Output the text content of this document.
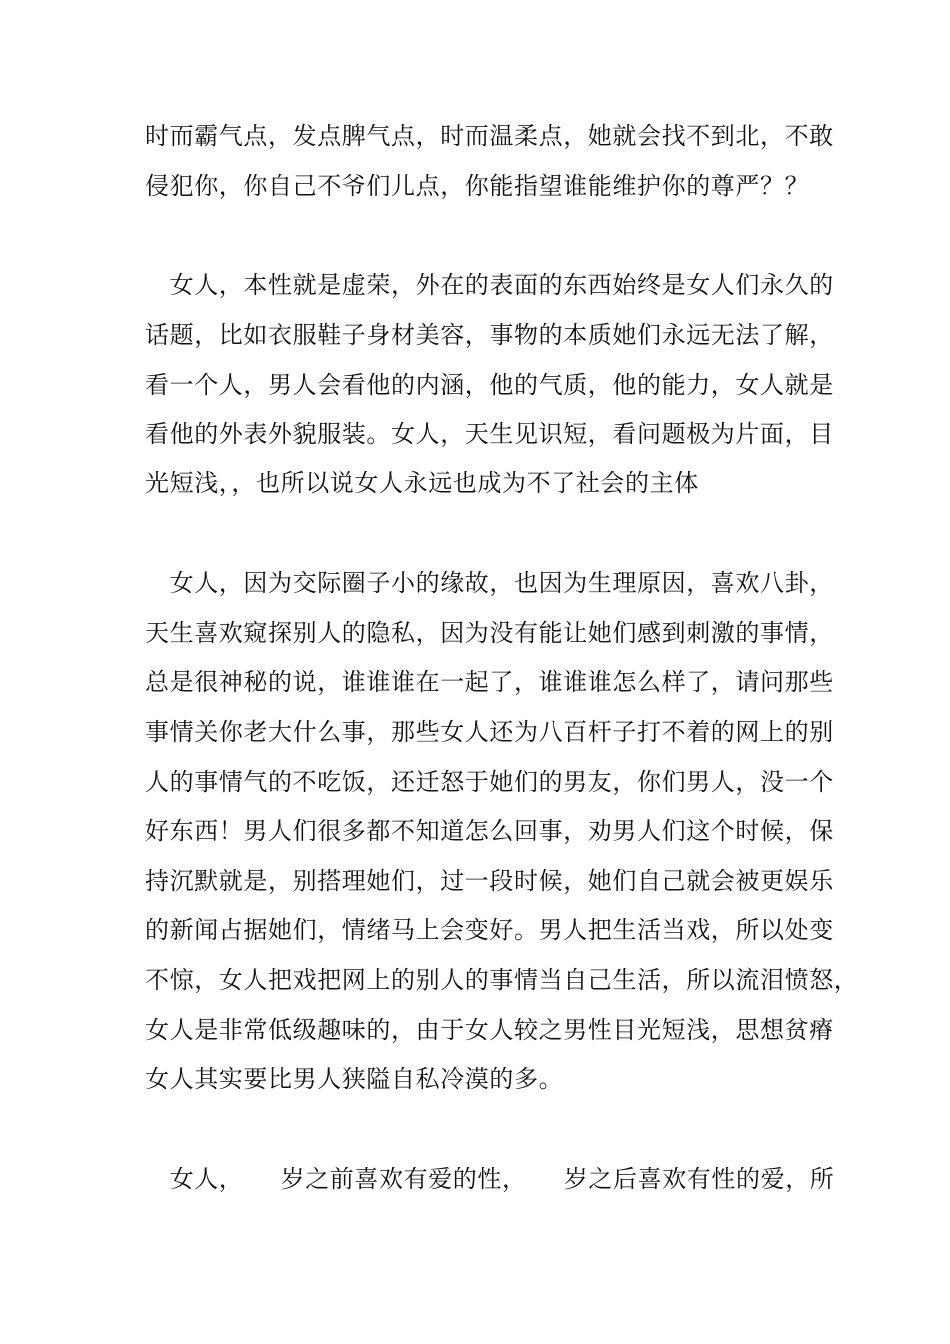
时而霸气点，发点脾气点，时而温柔点，她就会找不到北，不敢
侵犯你，你自己不爷们儿点，你能指望谁能维护你的尊严？？
　女人，本性就是虚荣，外在的表面的东西始终是女人们永久的
话题，比如衣服鞋子身材美容，事物的本质她们永远无法了解，
看一个人，男人会看他的内涵，他的气质，他的能力，女人就是
看他的外表外貌服装。女人，天生见识短，看问题极为片面，目
光短浅，，也所以说女人永远也成为不了社会的主体
　女人，因为交际圈子小的缘故，也因为生理原因，喜欢八卦，
天生喜欢窥探别人的隐私，因为没有能让她们感到刺激的事情，
总是很神秘的说，谁谁谁在一起了，谁谁谁怎么样了，请问那些
事情关你老大什么事，那些女人还为八百杆子打不着的网上的别
人的事情气的不吃饭，还迁怒于她们的男友，你们男人，没一个
好东西！男人们很多都不知道怎么回事，劝男人们这个时候，保
持沉默就是，别搭理她们，过一段时候，她们自己就会被更娱乐
的新闻占据她们，情绪马上会变好。男人把生活当戏，所以处变
不惊，女人把戏把网上的别人的事情当自己生活，所以流泪愤怒，
女人是非常低级趣味的，由于女人较之男性目光短浅，思想贫瘠
女人其实要比男人狭隘自私冷漠的多。
　女人，　　岁之前喜欢有爱的性，　　岁之后喜欢有性的爱，所
